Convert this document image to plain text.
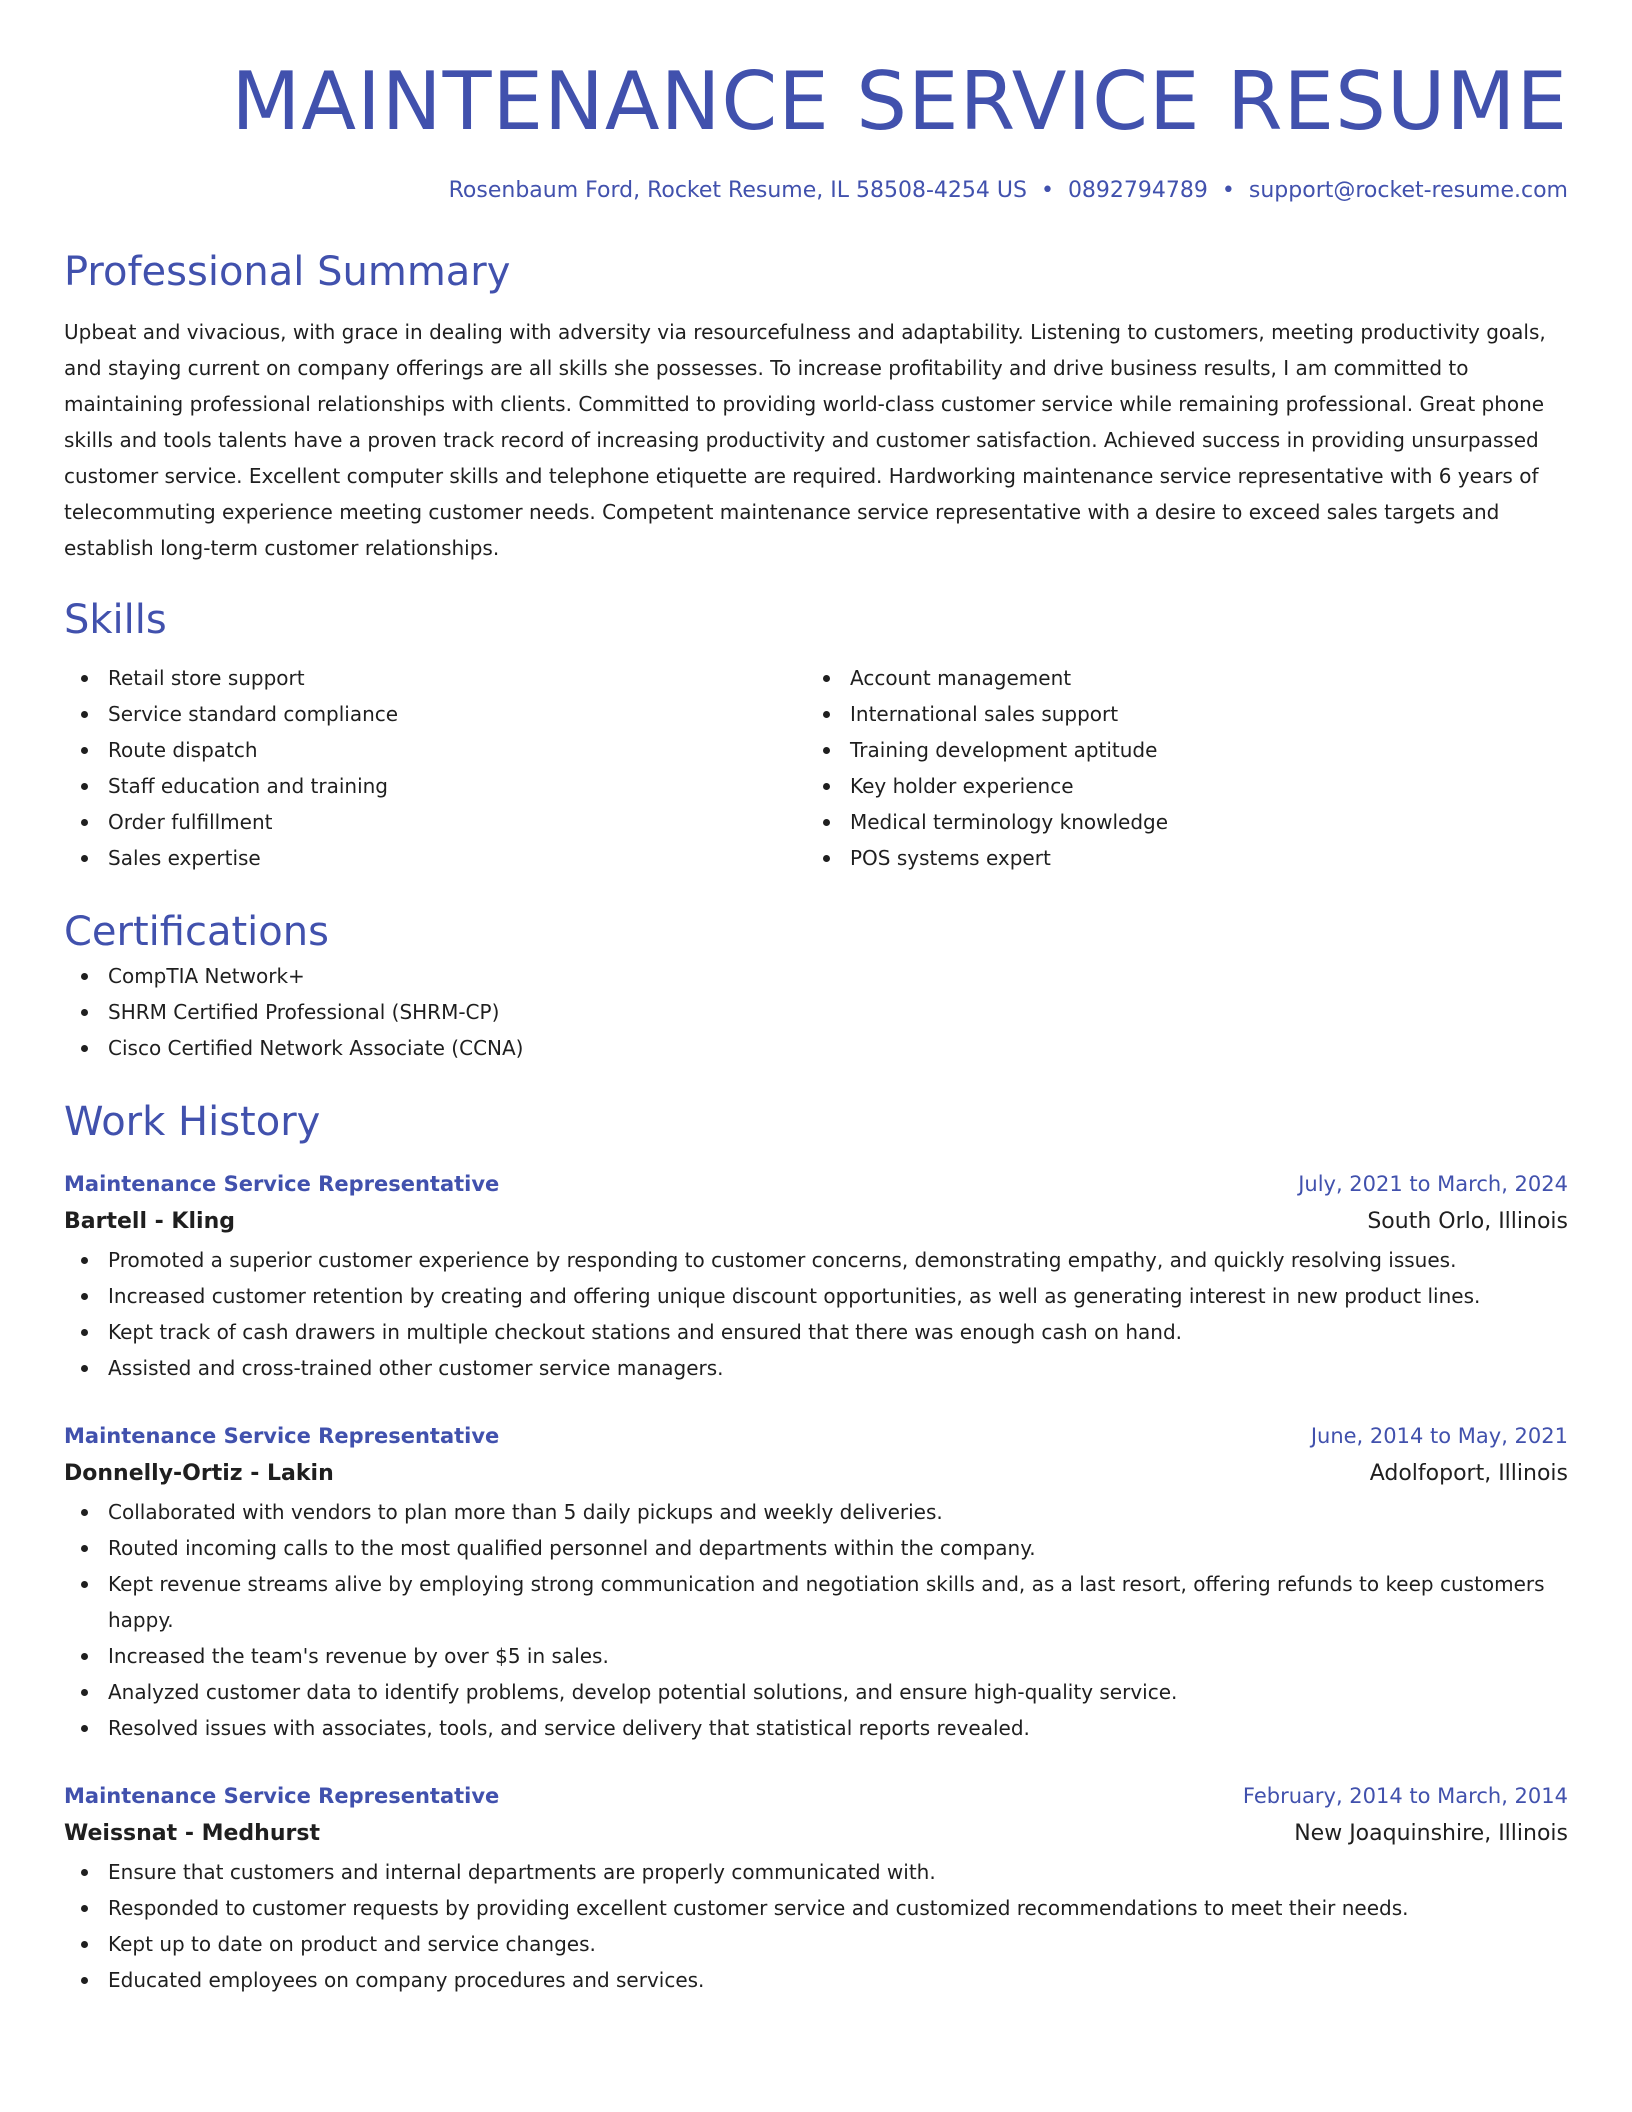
MAINTENANCE SERVICE RESUME
Rosenbaum Ford, Rocket Resume, IL 58508-4254 US • 0892794789 • support@rocket-resume.com
Professional Summary

Upbeat and vivacious, with grace in dealing with adversity via resourcefulness and adaptability. Listening to customers, meeting productivity goals, and staying current on company offerings are all skills she possesses. To increase profitability and drive business results, I am committed to maintaining professional relationships with clients. Committed to providing world-class customer service while remaining professional. Great phone skills and tools talents have a proven track record of increasing productivity and customer satisfaction. Achieved success in providing unsurpassed customer service. Excellent computer skills and telephone etiquette are required. Hardworking maintenance service representative with 6 years of telecommuting experience meeting customer needs. Competent maintenance service representative with a desire to exceed sales targets and establish long-term customer relationships.

Skills
Retail store support
Service standard compliance
Route dispatch
Staff education and training
Order fulfillment
Sales expertise
Account management
International sales support
Training development aptitude
Key holder experience
Medical terminology knowledge
POS systems expert
Certifications
CompTIA Network+
SHRM Certified Professional (SHRM-CP)
Cisco Certified Network Associate (CCNA)
Work History
Maintenance Service Representative	July, 2021 to March, 2024
Bartell - Kling	South Orlo, Illinois
Promoted a superior customer experience by responding to customer concerns, demonstrating empathy, and quickly resolving issues.
Increased customer retention by creating and offering unique discount opportunities, as well as generating interest in new product lines.
Kept track of cash drawers in multiple checkout stations and ensured that there was enough cash on hand.
Assisted and cross-trained other customer service managers.
Maintenance Service Representative	June, 2014 to May, 2021
Donnelly-Ortiz - Lakin	Adolfoport, Illinois
Collaborated with vendors to plan more than 5 daily pickups and weekly deliveries.
Routed incoming calls to the most qualified personnel and departments within the company.
Kept revenue streams alive by employing strong communication and negotiation skills and, as a last resort, offering refunds to keep customers happy.
Increased the team's revenue by over $5 in sales.
Analyzed customer data to identify problems, develop potential solutions, and ensure high-quality service.
Resolved issues with associates, tools, and service delivery that statistical reports revealed.
Maintenance Service Representative	February, 2014 to March, 2014
Weissnat - Medhurst	New Joaquinshire, Illinois
Ensure that customers and internal departments are properly communicated with.
Responded to customer requests by providing excellent customer service and customized recommendations to meet their needs.
Kept up to date on product and service changes.
Educated employees on company procedures and services.
